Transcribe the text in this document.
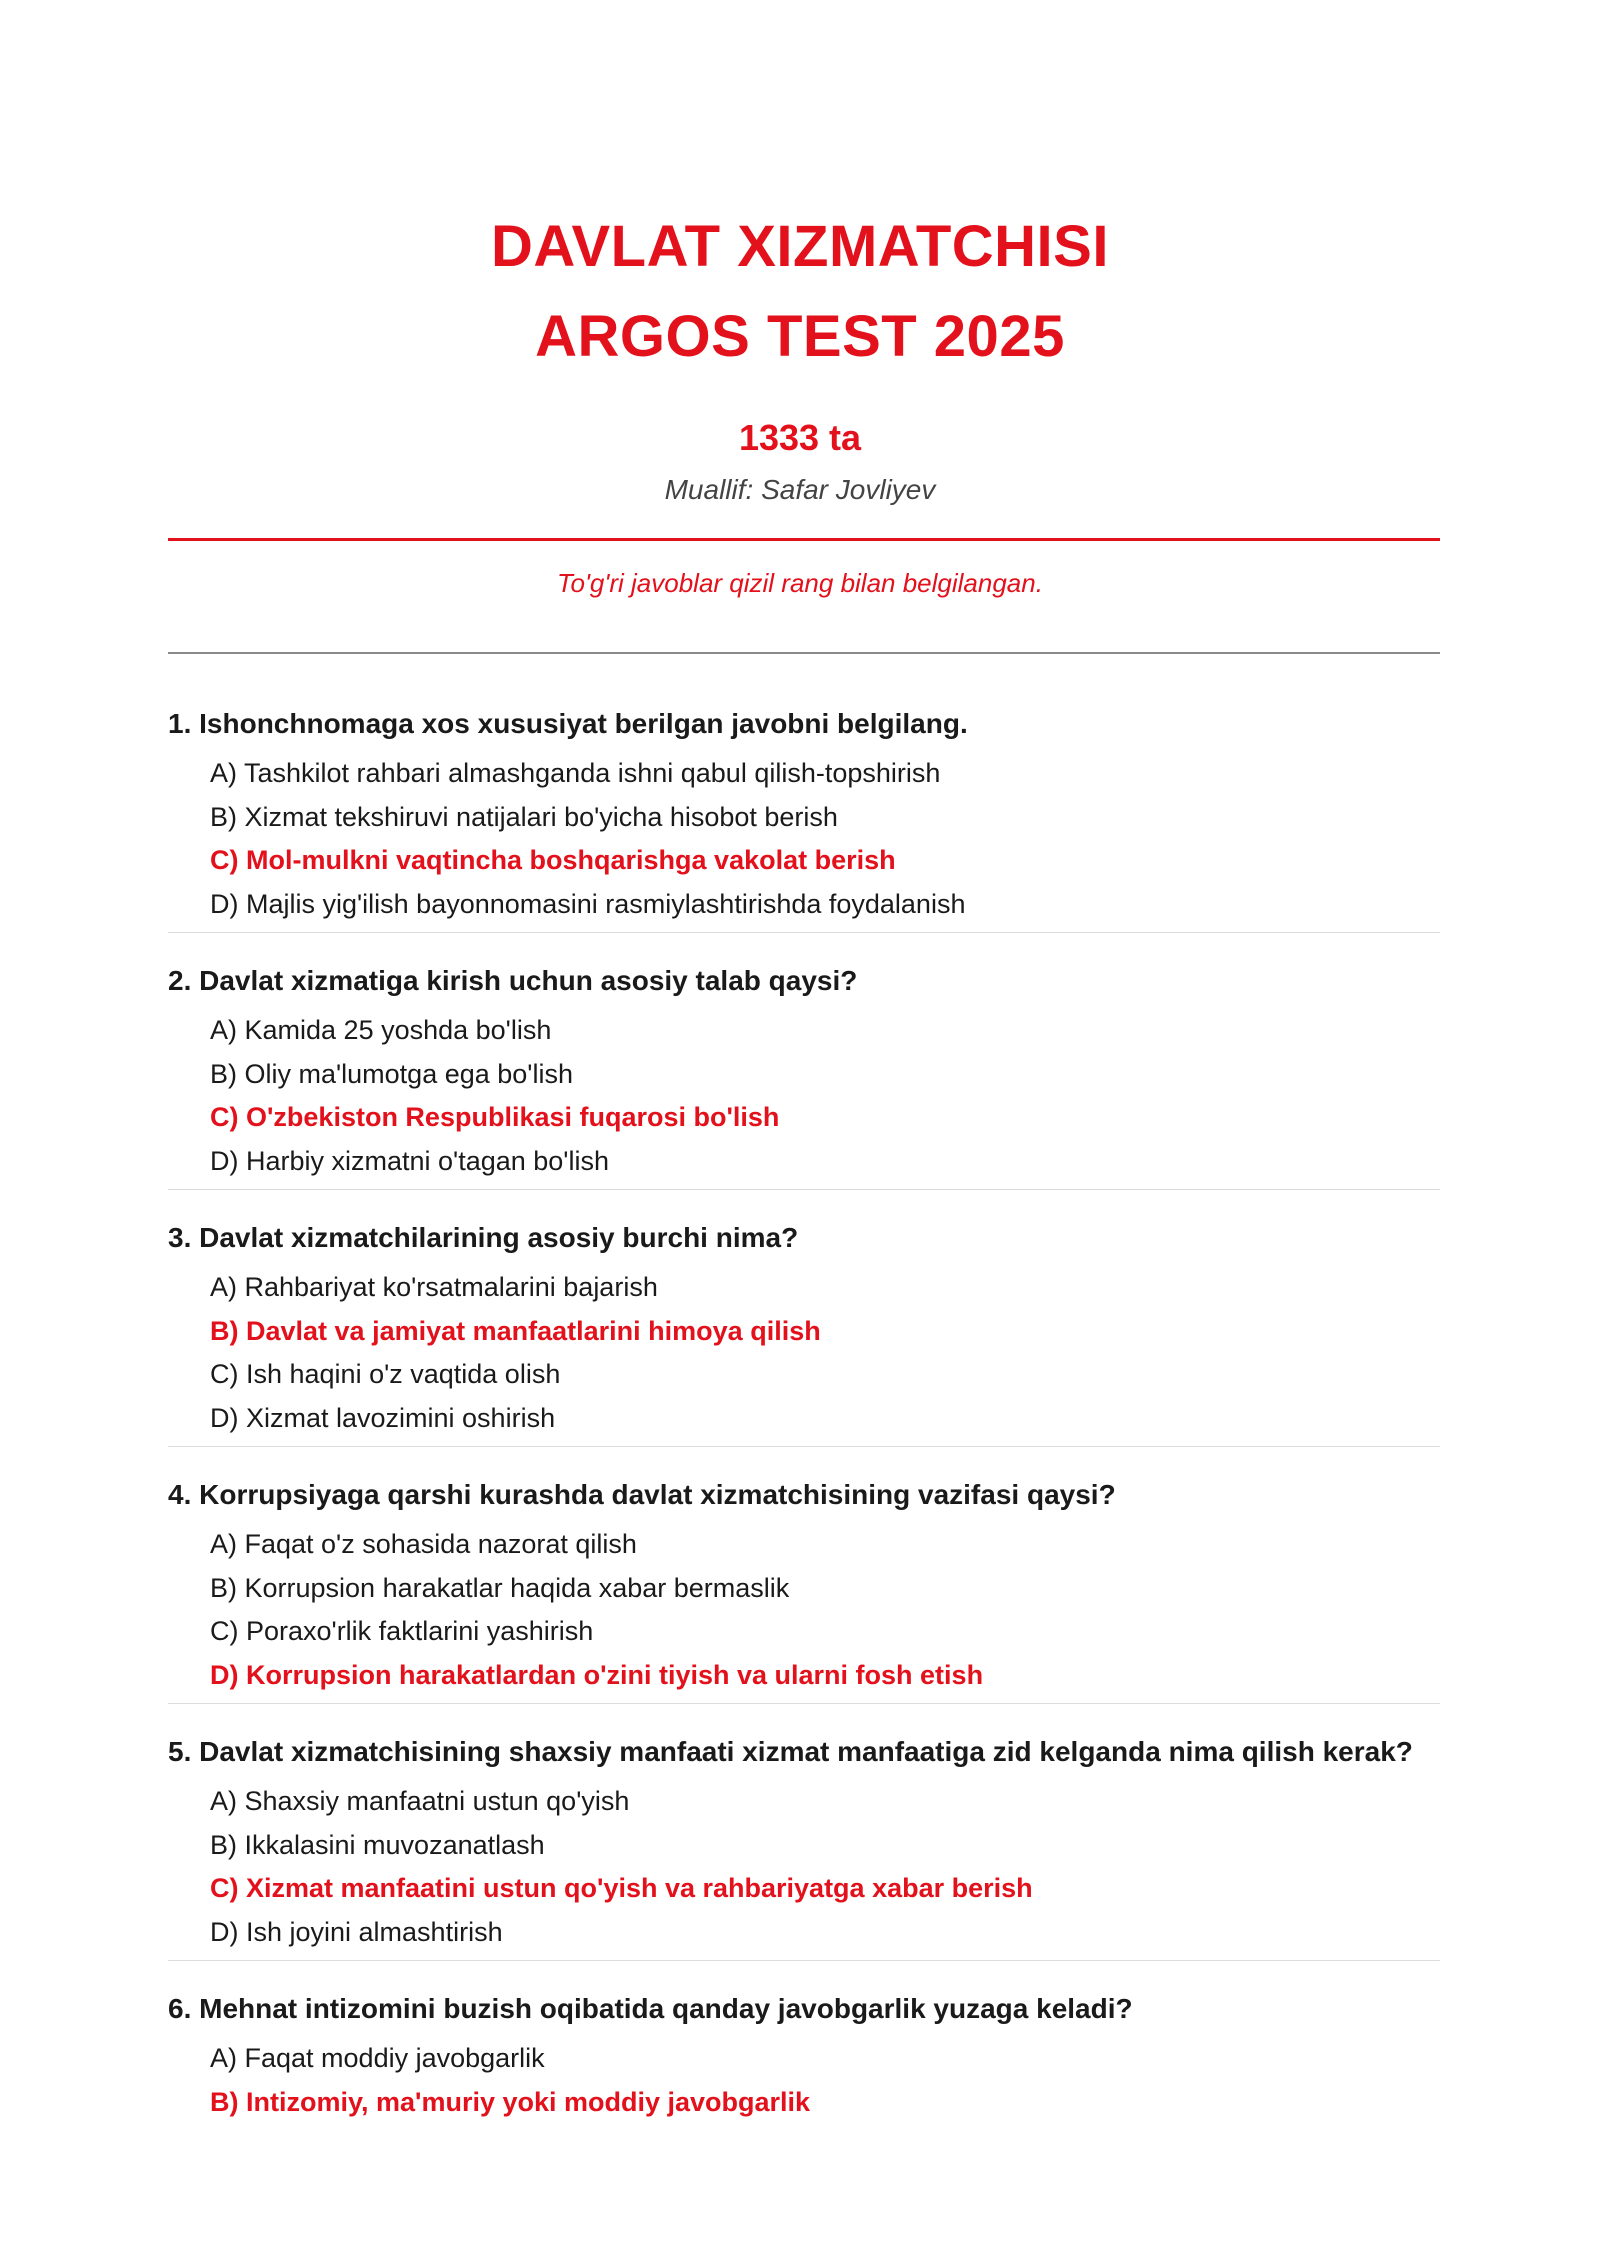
DAVLAT XIZMATCHISI
ARGOS TEST 2025
1333 ta
Muallif: Safar Jovliyev
To'g'ri javoblar qizil rang bilan belgilangan.
1. Ishonchnomaga xos xususiyat berilgan javobni belgilang.
A) Tashkilot rahbari almashganda ishni qabul qilish-topshirish
B) Xizmat tekshiruvi natijalari bo'yicha hisobot berish
C) Mol-mulkni vaqtincha boshqarishga vakolat berish
D) Majlis yig'ilish bayonnomasini rasmiylashtirishda foydalanish
2. Davlat xizmatiga kirish uchun asosiy talab qaysi?
A) Kamida 25 yoshda bo'lish
B) Oliy ma'lumotga ega bo'lish
C) O'zbekiston Respublikasi fuqarosi bo'lish
D) Harbiy xizmatni o'tagan bo'lish
3. Davlat xizmatchilarining asosiy burchi nima?
A) Rahbariyat ko'rsatmalarini bajarish
B) Davlat va jamiyat manfaatlarini himoya qilish
C) Ish haqini o'z vaqtida olish
D) Xizmat lavozimini oshirish
4. Korrupsiyaga qarshi kurashda davlat xizmatchisining vazifasi qaysi?
A) Faqat o'z sohasida nazorat qilish
B) Korrupsion harakatlar haqida xabar bermaslik
C) Poraxo'rlik faktlarini yashirish
D) Korrupsion harakatlardan o'zini tiyish va ularni fosh etish
5. Davlat xizmatchisining shaxsiy manfaati xizmat manfaatiga zid kelganda nima qilish kerak?
A) Shaxsiy manfaatni ustun qo'yish
B) Ikkalasini muvozanatlash
C) Xizmat manfaatini ustun qo'yish va rahbariyatga xabar berish
D) Ish joyini almashtirish
6. Mehnat intizomini buzish oqibatida qanday javobgarlik yuzaga keladi?
A) Faqat moddiy javobgarlik
B) Intizomiy, ma'muriy yoki moddiy javobgarlik
